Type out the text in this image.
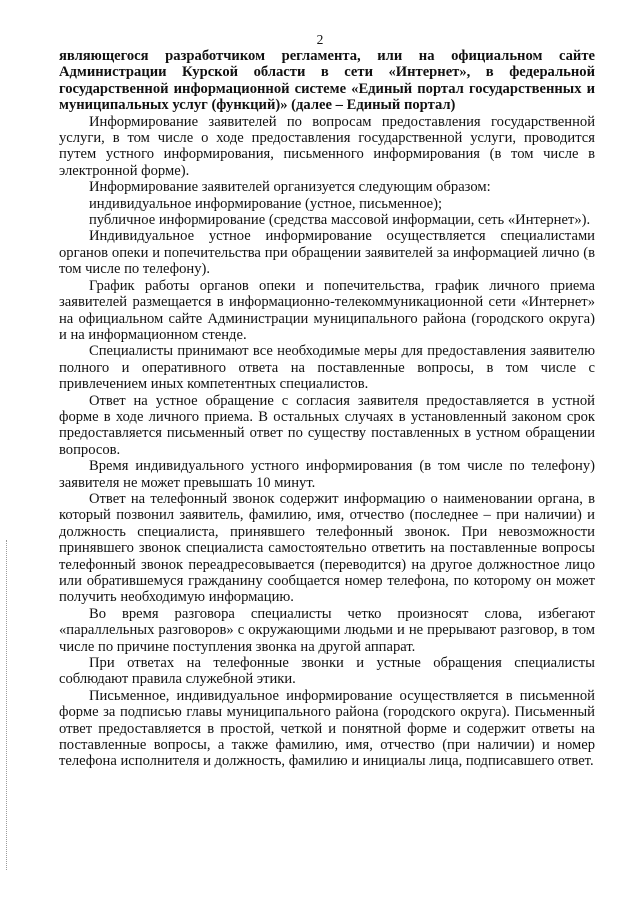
2

являющегося разработчиком регламента, или на официальном сайте Администрации Курской области в сети «Интернет», в федеральной государственной информационной системе «Единый портал государственных и муниципальных услуг (функций)» (далее – Единый портал)

Информирование заявителей по вопросам предоставления государственной услуги, в том числе о ходе предоставления государственной услуги, проводится путем устного информирования, письменного информирования (в том числе в электронной форме).

Информирование заявителей организуется следующим образом:

индивидуальное информирование (устное, письменное);

публичное информирование (средства массовой информации, сеть «Интернет»).

Индивидуальное устное информирование осуществляется специалистами органов опеки и попечительства при обращении заявителей за информацией лично (в том числе по телефону).

График работы органов опеки и попечительства, график личного приема заявителей размещается в информационно-телекоммуникационной сети «Интернет» на официальном сайте Администрации муниципального района (городского округа) и на информационном стенде.

Специалисты принимают все необходимые меры для предоставления заявителю полного и оперативного ответа на поставленные вопросы, в том числе с привлечением иных компетентных специалистов.

Ответ на устное обращение с согласия заявителя предоставляется в устной форме в ходе личного приема. В остальных случаях в установленный законом срок предоставляется письменный ответ по существу поставленных в устном обращении вопросов.

Время индивидуального устного информирования (в том числе по телефону) заявителя не может превышать 10 минут.

Ответ на телефонный звонок содержит информацию о наименовании органа, в который позвонил заявитель, фамилию, имя, отчество (последнее – при наличии) и должность специалиста, принявшего телефонный звонок. При невозможности принявшего звонок специалиста самостоятельно ответить на поставленные вопросы телефонный звонок переадресовывается (переводится) на другое должностное лицо или обратившемуся гражданину сообщается номер телефона, по которому он может получить необходимую информацию.

Во время разговора специалисты четко произносят слова, избегают «параллельных разговоров» с окружающими людьми и не прерывают разговор, в том числе по причине поступления звонка на другой аппарат.

При ответах на телефонные звонки и устные обращения специалисты соблюдают правила служебной этики.

Письменное, индивидуальное информирование осуществляется в письменной форме за подписью главы муниципального района (городского округа). Письменный ответ предоставляется в простой, четкой и понятной форме и содержит ответы на поставленные вопросы, а также фамилию, имя, отчество (при наличии) и номер телефона исполнителя и должность, фамилию и инициалы лица, подписавшего ответ.
